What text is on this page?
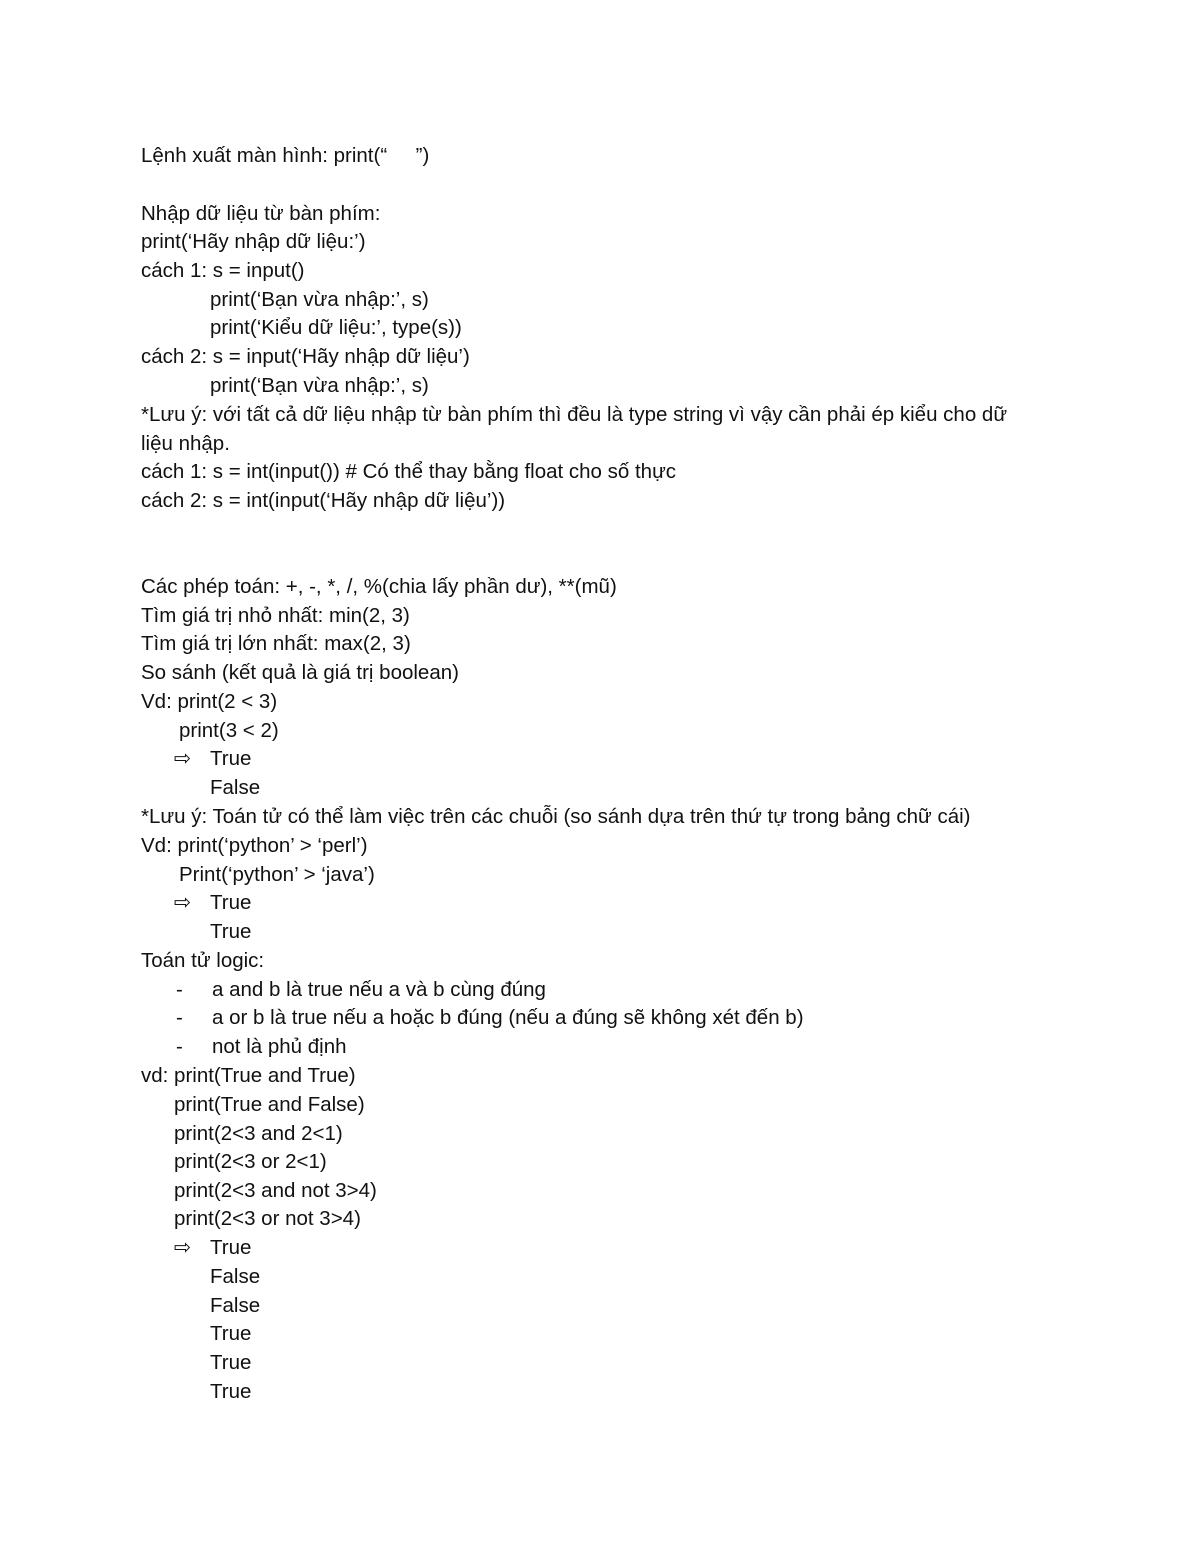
Lệnh xuất màn hình: print(“     ”)
Nhập dữ liệu từ bàn phím:
print(‘Hãy nhập dữ liệu:’)
cách 1: s = input()
print(‘Bạn vừa nhập:’, s)
print(‘Kiểu dữ liệu:’, type(s))
cách 2: s = input(‘Hãy nhập dữ liệu’)
print(‘Bạn vừa nhập:’, s)
*Lưu ý: với tất cả dữ liệu nhập từ bàn phím thì đều là type string vì vậy cần phải ép kiểu cho dữ
liệu nhập.
cách 1: s = int(input()) # Có thể thay bằng float cho số thực
cách 2: s = int(input(‘Hãy nhập dữ liệu’))
Các phép toán: +, -, *, /, %(chia lấy phần dư), **(mũ)
Tìm giá trị nhỏ nhất: min(2, 3)
Tìm giá trị lớn nhất: max(2, 3)
So sánh (kết quả là giá trị boolean)
Vd: print(2 < 3)
print(3 < 2)
⇨ True
False
*Lưu ý: Toán tử có thể làm việc trên các chuỗi (so sánh dựa trên thứ tự trong bảng chữ cái)
Vd: print(‘python’ > ‘perl’)
Print(‘python’ > ‘java’)
⇨ True
True
Toán tử logic:
- a and b là true nếu a và b cùng đúng
- a or b là true nếu a hoặc b đúng (nếu a đúng sẽ không xét đến b)
- not là phủ định
vd: print(True and True)
print(True and False)
print(2<3 and 2<1)
print(2<3 or 2<1)
print(2<3 and not 3>4)
print(2<3 or not 3>4)
⇨ True
False
False
True
True
True
